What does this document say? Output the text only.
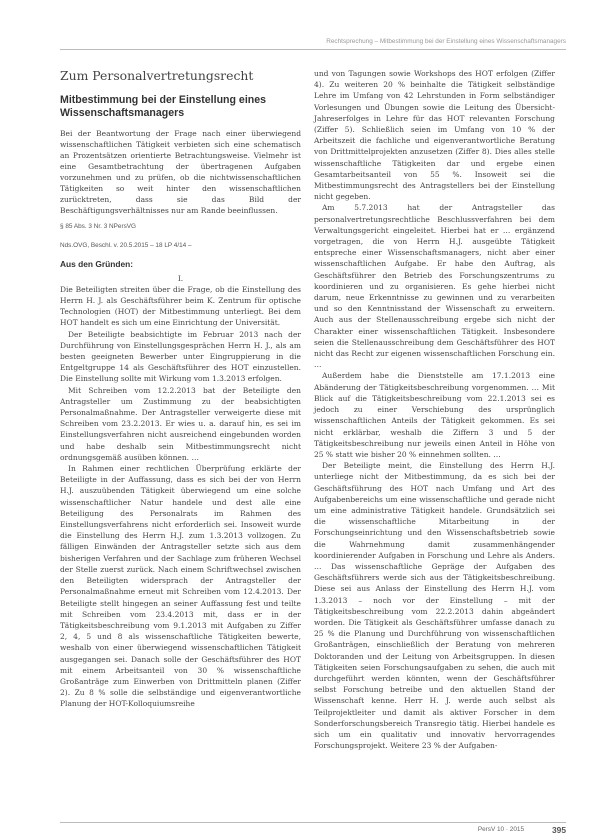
Rechtsprechung – Mitbestimmung bei der Einstellung eines Wissenschaftsmanagers
Zum Personalvertretungsrecht
Mitbestimmung bei der Einstellung eines Wissenschaftsmanagers
Bei der Beantwortung der Frage nach einer überwiegend wissenschaftlichen Tätigkeit verbieten sich eine schematisch an Prozentsätzen orientierte Betrachtungsweise. Vielmehr ist eine Gesamtbetrachtung der übertragenen Aufgaben vorzunehmen und zu prüfen, ob die nichtwissenschaftlichen Tätigkeiten so weit hinter den wissenschaftlichen zurücktreten, dass sie das Bild der Beschäftigungsverhältnisses nur am Rande beeinflussen.
§ 85 Abs. 3 Nr. 3 NPersVG
Nds.OVG, Beschl. v. 20.5.2015 – 18 LP 4/14 –
Aus den Gründen:
I.

Die Beteiligten streiten über die Frage, ob die Einstellung des Herrn H. J. als Geschäftsführer beim K. Zentrum für optische Technologien (HOT) der Mitbestimmung unterliegt. Bei dem HOT handelt es sich um eine Einrichtung der Universität.

Der Beteiligte beabsichtigte im Februar 2013 nach der Durchführung von Einstellungsgesprächen Herrn H. J., als am besten geeigneten Bewerber unter Eingruppierung in die Entgeltgruppe 14 als Geschäftsführer des HOT einzustellen. Die Einstellung sollte mit Wirkung vom 1.3.2013 erfolgen.

Mit Schreiben vom 12.2.2013 bat der Beteiligte den Antragsteller um Zustimmung zu der beabsichtigten Personalmaßnahme. Der Antragsteller verweigerte diese mit Schreiben vom 23.2.2013. Er wies u. a. darauf hin, es sei im Einstellungsverfahren nicht ausreichend eingebunden worden und habe deshalb sein Mitbestimmungsrecht nicht ordnungsgemäß ausüben können. …

In Rahmen einer rechtlichen Überprüfung erklärte der Beteiligte in der Auffassung, dass es sich bei der von Herrn H.J. auszuübenden Tätigkeit überwiegend um eine solche wissenschaftlicher Natur handele und dest alle eine Beteiligung des Personalrats im Rahmen des Einstellungsverfahrens nicht erforderlich sei. Insoweit wurde die Einstellung des Herrn H.J. zum 1.3.2013 vollzogen. Zu fälligen Einwänden der Antragsteller setzte sich aus dem bisherigen Verfahren und der Sachlage zum früheren Wechsel der Stelle zuerst zurück. Nach einem Schriftwechsel zwischen den Beteiligten widersprach der Antragsteller der Personalmaßnahme erneut mit Schreiben vom 12.4.2013. Der Beteiligte stellt hingegen an seiner Auffassung fest und teilte mit Schreiben vom 23.4.2013 mit, dass er in der Tätigkeitsbeschreibung vom 9.1.2013 mit Aufgaben zu Ziffer 2, 4, 5 und 8 als wissenschaftliche Tätigkeiten bewerte, weshalb von einer überwiegend wissenschaftlichen Tätigkeit ausgegangen sei. Danach solle der Geschäftsführer des HOT mit einem Arbeitsanteil von 30 % wissenschaftliche Großanträge zum Einwerben von Drittmitteln planen (Ziffer 2). Zu 8 % solle die selbständige und eigenverantwortliche Planung der HOT-Kolloquiumsreihe

und von Tagungen sowie Workshops des HOT erfolgen (Ziffer 4). Zu weiteren 20 % beinhalte die Tätigkeit selbständige Lehre im Umfang von 42 Lehrstunden in Form selbständiger Vorlesungen und Übungen sowie die Leitung des Übersicht-Jahreserfolges in Lehre für das HOT relevanten Forschung (Ziffer 5). Schließlich seien im Umfang von 10 % der Arbeitszeit die fachliche und eigenverantwortliche Beratung von Drittmittelprojekten anzusetzen (Ziffer 8). Dies alles stelle wissenschaftliche Tätigkeiten dar und ergebe einen Gesamtarbeitsanteil von 55 %. Insoweit sei die Mitbestimmungsrecht des Antragstellers bei der Einstellung nicht gegeben.

Am 5.7.2013 hat der Antragsteller das personalvertretungsrechtliche Beschlussverfahren bei dem Verwaltungsgericht eingeleitet. Hierbei hat er … ergänzend vorgetragen, die von Herrn H.J. ausgeübte Tätigkeit entspreche einer Wissenschaftsmanagers, nicht aber einer wissenschaftlichen Aufgabe. Er habe den Auftrag, als Geschäftsführer den Betrieb des Forschungszentrums zu koordinieren und zu organisieren. Es gehe hierbei nicht darum, neue Erkenntnisse zu gewinnen und zu verarbeiten und so den Kenntnisstand der Wissenschaft zu erweitern. Auch aus der Stellenausschreibung ergebe sich nicht der Charakter einer wissenschaftlichen Tätigkeit. Insbesondere seien die Stellenausschreibung dem Geschäftsführer des HOT nicht das Recht zur eigenen wissenschaftlichen Forschung ein. …

Außerdem habe die Dienststelle am 17.1.2013 eine Abänderung der Tätigkeitsbeschreibung vorgenommen. … Mit Blick auf die Tätigkeitsbeschreibung vom 22.1.2013 sei es jedoch zu einer Verschiebung des ursprünglich wissenschaftlichen Anteils der Tätigkeit gekommen. Es sei nicht erklärbar, weshalb die Ziffern 3 und 5 der Tätigkeitsbeschreibung nur jeweils einen Anteil in Höhe von 25 % statt wie bisher 20 % einnehmen sollten. …

Der Beteiligte meint, die Einstellung des Herrn H.J. unterliege nicht der Mitbestimmung, da es sich bei der Geschäftsführung des HOT nach Umfang und Art des Aufgabenbereichs um eine wissenschaftliche und gerade nicht um eine administrative Tätigkeit handele. Grundsätzlich sei die wissenschaftliche Mitarbeitung in der Forschungseinrichtung und den Wissenschaftsbetrieb sowie die Wahrnehmung damit zusammenhängender koordinierender Aufgaben in Forschung und Lehre als Anders. … Das wissenschaftliche Gepräge der Aufgaben des Geschäftsführers werde sich aus der Tätigkeitsbeschreibung. Diese sei aus Anlass der Einstellung des Herrn H.J. vom 1.3.2013 – noch vor der Einstellung – mit der Tätigkeitsbeschreibung vom 22.2.2013 dahin abgeändert worden. Die Tätigkeit als Geschäftsführer umfasse danach zu 25 % die Planung und Durchführung von wissenschaftlichen Großanträgen, einschließlich der Beratung von mehreren Doktoranden und der Leitung von Arbeitsgruppen. In diesen Tätigkeiten seien Forschungsaufgaben zu sehen, die auch mit durchgeführt werden könnten, wenn der Geschäftsführer selbst Forschung betreibe und den aktuellen Stand der Wissenschaft kenne. Herr H. J. werde auch selbst als Teilprojektleiter und damit als aktiver Forscher in dem Sonderforschungsbereich Transregio tätig. Hierbei handele es sich um ein qualitativ und innovativ hervorragendes Forschungsprojekt. Weitere 23 % der Aufgaben-

PersV 10 · 2015	395
